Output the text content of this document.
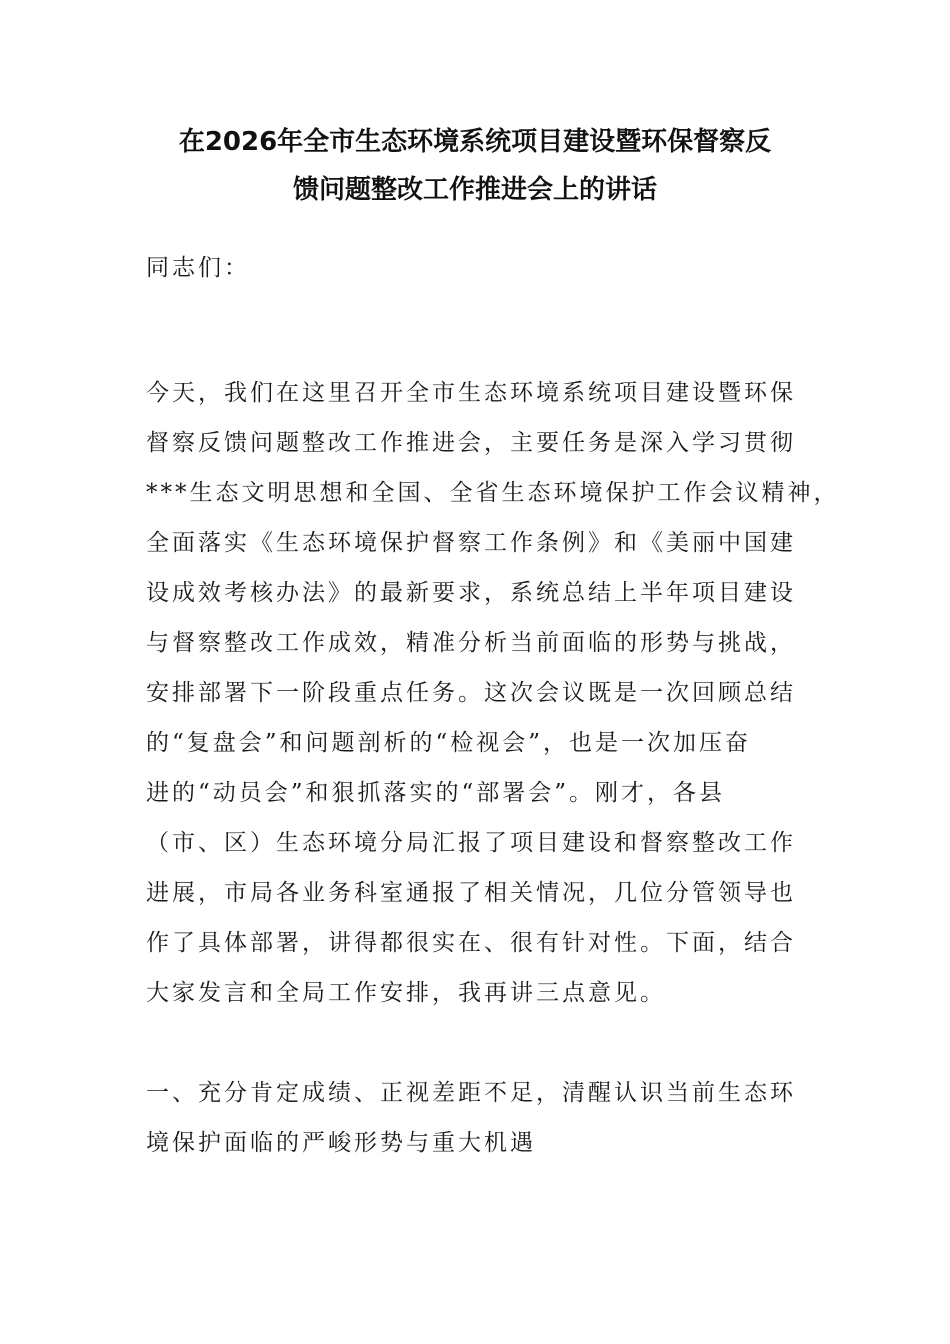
在2026年全市生态环境系统项目建设暨环保督察反
馈问题整改工作推进会上的讲话

同志们：

今天，我们在这里召开全市生态环境系统项目建设暨环保
督察反馈问题整改工作推进会，主要任务是深入学习贯彻
***生态文明思想和全国、全省生态环境保护工作会议精神，
全面落实《生态环境保护督察工作条例》和《美丽中国建
设成效考核办法》的最新要求，系统总结上半年项目建设
与督察整改工作成效，精准分析当前面临的形势与挑战，
安排部署下一阶段重点任务。这次会议既是一次回顾总结
的“复盘会”和问题剖析的“检视会”，也是一次加压奋
进的“动员会”和狠抓落实的“部署会”。刚才，各县
（市、区）生态环境分局汇报了项目建设和督察整改工作
进展，市局各业务科室通报了相关情况，几位分管领导也
作了具体部署，讲得都很实在、很有针对性。下面，结合
大家发言和全局工作安排，我再讲三点意见。
一、充分肯定成绩、正视差距不足，清醒认识当前生态环
境保护面临的严峻形势与重大机遇
